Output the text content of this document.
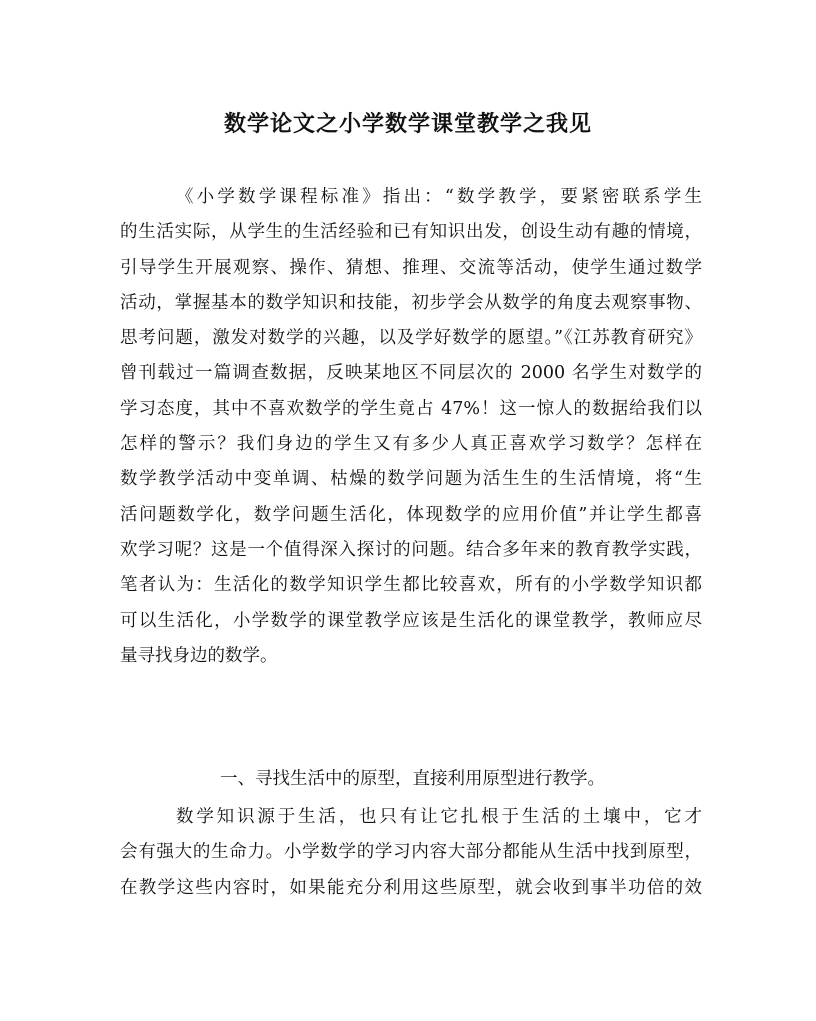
数学论文之小学数学课堂教学之我见
《小学数学课程标准》指出：“数学教学，要紧密联系学生
的生活实际，从学生的生活经验和已有知识出发，创设生动有趣的情境，
引导学生开展观察、操作、猜想、推理、交流等活动，使学生通过数学
活动，掌握基本的数学知识和技能，初步学会从数学的角度去观察事物、
思考问题，激发对数学的兴趣，以及学好数学的愿望。”《江苏教育研究》
曾刊载过一篇调查数据，反映某地区不同层次的 2000 名学生对数学的
学习态度，其中不喜欢数学的学生竟占 47%！这一惊人的数据给我们以
怎样的警示？我们身边的学生又有多少人真正喜欢学习数学？怎样在
数学教学活动中变单调、枯燥的数学问题为活生生的生活情境，将“生
活问题数学化，数学问题生活化，体现数学的应用价值”并让学生都喜
欢学习呢？这是一个值得深入探讨的问题。结合多年来的教育教学实践，
笔者认为：生活化的数学知识学生都比较喜欢，所有的小学数学知识都
可以生活化，小学数学的课堂教学应该是生活化的课堂教学，教师应尽
量寻找身边的数学。
一、寻找生活中的原型，直接利用原型进行教学。
数学知识源于生活，也只有让它扎根于生活的土壤中，它才
会有强大的生命力。小学数学的学习内容大部分都能从生活中找到原型，
在教学这些内容时，如果能充分利用这些原型，就会收到事半功倍的效
